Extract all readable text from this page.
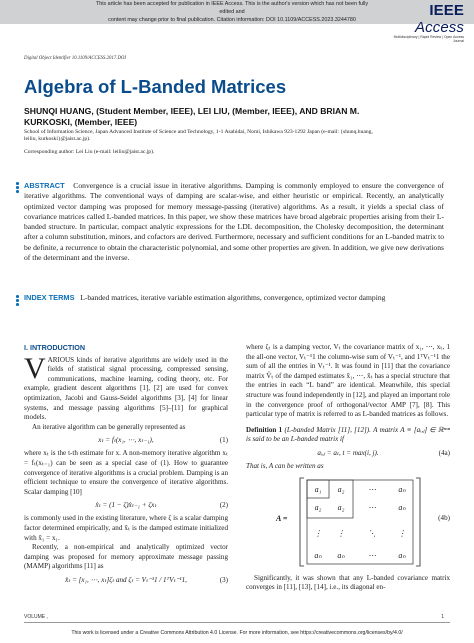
This article has been accepted for publication in IEEE Access. This is the author's version which has not been fully edited and
content may change prior to final publication. Citation information: DOI 10.1109/ACCESS.2023.3244780
IEEE Access
Multidisciplinary | Rapid Review | Open Access Journal
Digital Object Identifier 10.1109/ACCESS.2017.DOI
Algebra of L-Banded Matrices
SHUNQI HUANG, (Student Member, IEEE), LEI LIU, (Member, IEEE), AND BRIAN M.
KURKOSKI, (Member, IEEE)
School of Information Science, Japan Advanced Institute of Science and Technology, 1-1 Asahidai, Nomi, Ishikawa 923-1292 Japan (e-mail: {shunq.huang,
leiliu, kurkoski}@jaist.ac.jp).
Corresponding author: Lei Liu (e-mail: leiliu@jaist.ac.jp).
ABSTRACT Convergence is a crucial issue in iterative algorithms. Damping is commonly employed to ensure the convergence of iterative algorithms. The conventional ways of damping are scalar-wise, and either heuristic or empirical. Recently, an analytically optimized vector damping was proposed for memory message-passing (iterative) algorithms. As a result, it yields a special class of covariance matrices called L-banded matrices. In this paper, we show these matrices have broad algebraic properties arising from their L-banded structure. In particular, compact analytic expressions for the LDL decomposition, the Cholesky decomposition, the determinant after a column substitution, minors, and cofactors are derived. Furthermore, necessary and sufficient conditions for an L-banded matrix to be definite, a recurrence to obtain the characteristic polynomial, and some other properties are given. In addition, we give new derivations of the determinant and the inverse.
INDEX TERMS L-banded matrices, iterative variable estimation algorithms, convergence, optimized vector damping
I. INTRODUCTION

VARIOUS kinds of iterative algorithms are widely used in the fields of statistical signal processing, compressed sensing, communications, machine learning, coding theory, etc. For example, gradient descent algorithms [1], [2] are used for convex optimization, Jacobi and Gauss-Seidel algorithms [3], [4] for linear systems, and message passing algorithms [5]–[11] for graphical models.

An iterative algorithm can be generally represented as

xₜ = fₜ(x₁, ⋯, xₜ₋₁),	(1)

where xₜ is the t-th estimate for x. A non-memory iterative algorithm xₜ = fₜ(xₜ₋₁) can be seen as a special case of (1). How to guarantee convergence of iterative algorithms is a crucial problem. Damping is an efficient technique to ensure the convergence of iterative algorithms. Scalar damping [10]

x̂ₜ = (1 − ζ)x̂ₜ₋₁ + ζxₜ	(2)

is commonly used in the existing literature, where ζ is a scalar damping factor determined empirically, and x̂ₜ is the damped estimate initialized with x̂₁ = x₁.

Recently, a non-empirical and analytically optimized vector damping was proposed for memory approximate message passing (MAMP) algorithms [11] as

x̂ₜ = [x₁, ⋯, xₜ]ζₜ and ζₜ = Vₜ⁻¹1 / 1ᵀVₜ⁻¹1,	(3)

where ζₜ is a damping vector, Vₜ the covariance matrix of x₁, ⋯, xₜ, 1 the all-one vector, Vₜ⁻¹1 the column-wise sum of Vₜ⁻¹, and 1ᵀVₜ⁻¹1 the sum of all the entries in Vₜ⁻¹. It was found in [11] that the covariance matrix V̂ₜ of the damped estimates x̂₁, ⋯, x̂ₜ has a special structure that the entries in each “L band” are identical. Meanwhile, this special structure was found independently in [12], and played an important role in the convergence proof of orthogonal/vector AMP [7], [8]. This particular type of matrix is referred to as L-banded matrices as follows.

Definition 1 (L-banded Matrix [11], [12]). A matrix A ≡ [aᵢ,ⱼ] ∈ ℝⁿˣⁿ is said to be an L-banded matrix if

aᵢ,ⱼ = aₜ, t = max(i, j).	(4a)

That is, A can be written as

A =
a₁ a₂	⋯	aₙ
a₂ a₂	⋯	aₙ
⋮ ⋮	⋱	⋮
aₙ aₙ	⋯	aₙ
(4b)

Significantly, it was shown that any L-banded covariance matrix converges in [11], [13], [14], i.e., its diagonal en-

VOLUME ,	1
This work is licensed under a Creative Commons Attribution 4.0 License. For more information, see https://creativecommons.org/licenses/by/4.0/
